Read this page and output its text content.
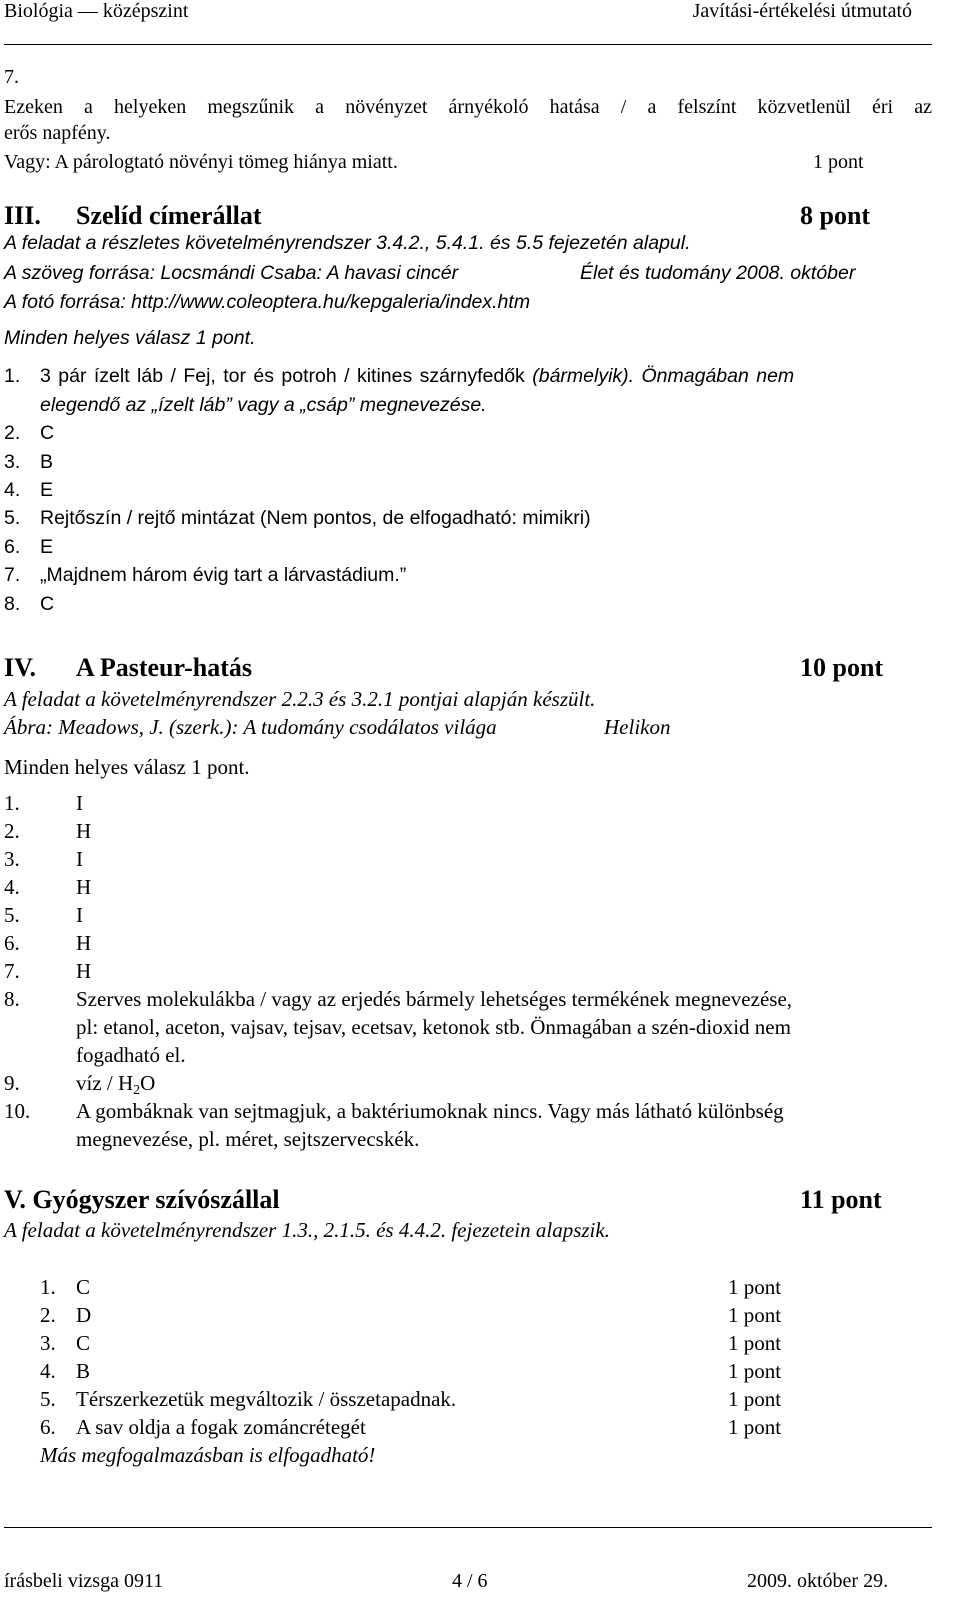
Biológia — középszint	Javítási-értékelési útmutató
7.
Ezeken a helyeken megszűnik a növényzet árnyékoló hatása / a felszínt közvetlenül éri az
erős napfény.
Vagy: A párologtató növényi tömeg hiánya miatt.	1 pont
III. Szelíd címerállat	8 pont
A feladat a részletes követelményrendszer 3.4.2., 5.4.1. és 5.5 fejezetén alapul.
A szöveg forrása: Locsmándi Csaba: A havasi cincér	Élet és tudomány 2008. október
A fotó forrása: http://www.coleoptera.hu/kepgaleria/index.htm
Minden helyes válasz 1 pont.
1. 3 pár ízelt láb / Fej, tor és potroh / kitines szárnyfedők (bármelyik). Önmagában nem
elegendő az „ízelt láb” vagy a „csáp” megnevezése.
2. C
3. B
4. E
5. Rejtőszín / rejtő mintázat (Nem pontos, de elfogadható: mimikri)
6. E
7. „Majdnem három évig tart a lárvastádium.”
8. C
IV. A Pasteur-hatás	10 pont
A feladat a követelményrendszer 2.2.3 és 3.2.1 pontjai alapján készült.
Ábra: Meadows, J. (szerk.): A tudomány csodálatos világa	Helikon
Minden helyes válasz 1 pont.
1.	I
2.	H
3.	I
4.	H
5.	I
6.	H
7.	H
8.	Szerves molekulákba / vagy az erjedés bármely lehetséges termékének megnevezése,
pl: etanol, aceton, vajsav, tejsav, ecetsav, ketonok stb. Önmagában a szén-dioxid nem
fogadható el.
9.	víz / $H_2O$
10. A gombáknak van sejtmagjuk, a baktériumoknak nincs. Vagy más látható különbség
megnevezése, pl. méret, sejtszervecskék.
V. Gyógyszer szívószállal	11 pont
A feladat a követelményrendszer 1.3., 2.1.5. és 4.4.2. fejezetein alapszik.
1. C	1 pont
2. D	1 pont
3. C	1 pont
4. B	1 pont
5. Térszerkezetük megváltozik / összetapadnak.	1 pont
6. A sav oldja a fogak zománcrétegét	1 pont
Más megfogalmazásban is elfogadható!
írásbeli vizsga 0911	4 / 6	2009. október 29.
